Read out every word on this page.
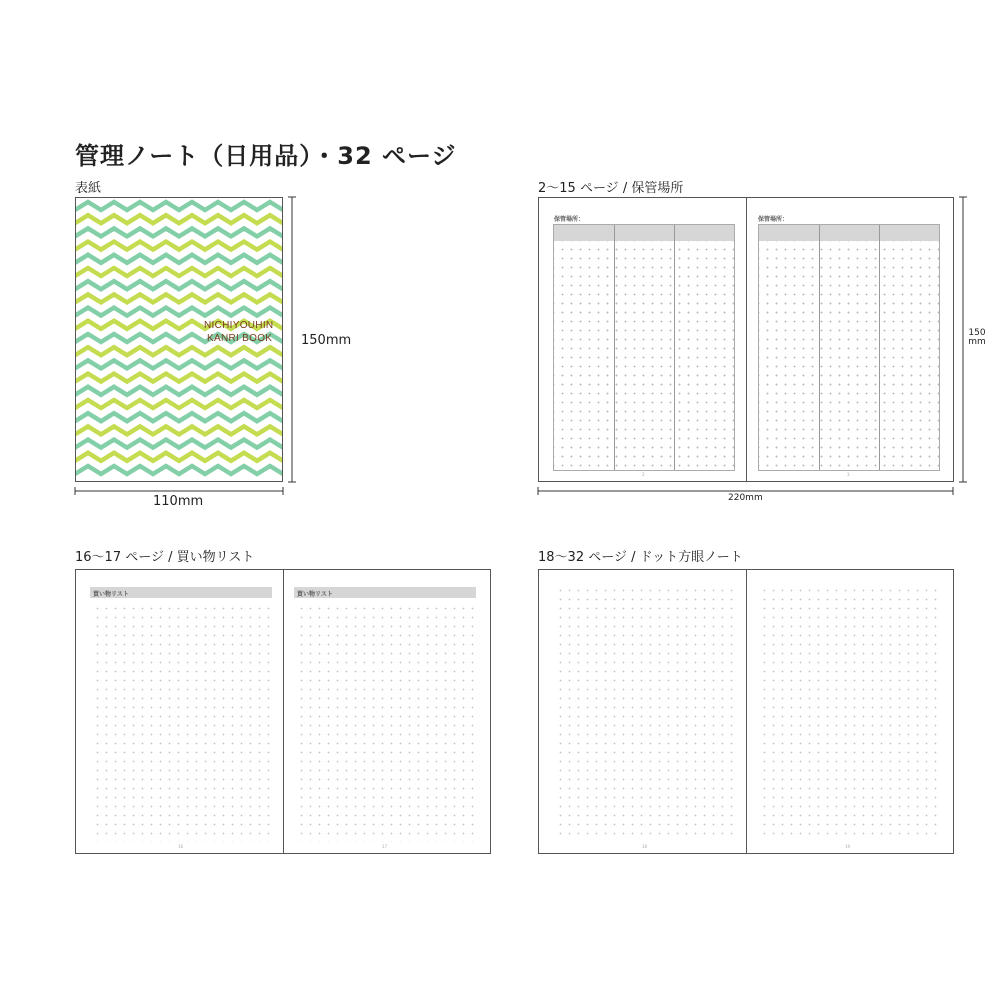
管理ノート（日用品）・32 ページ
表紙
NICHIYOUHIN
KANRI BOOK 150mm
110mm
2〜15 ページ / 保管場所
保管場所：
2
保管場所：
3
150
mm
220mm
16〜17 ページ / 買い物リスト
買い物リスト
16
買い物リスト
17
18〜32 ページ / ドット方眼ノート
18	19
